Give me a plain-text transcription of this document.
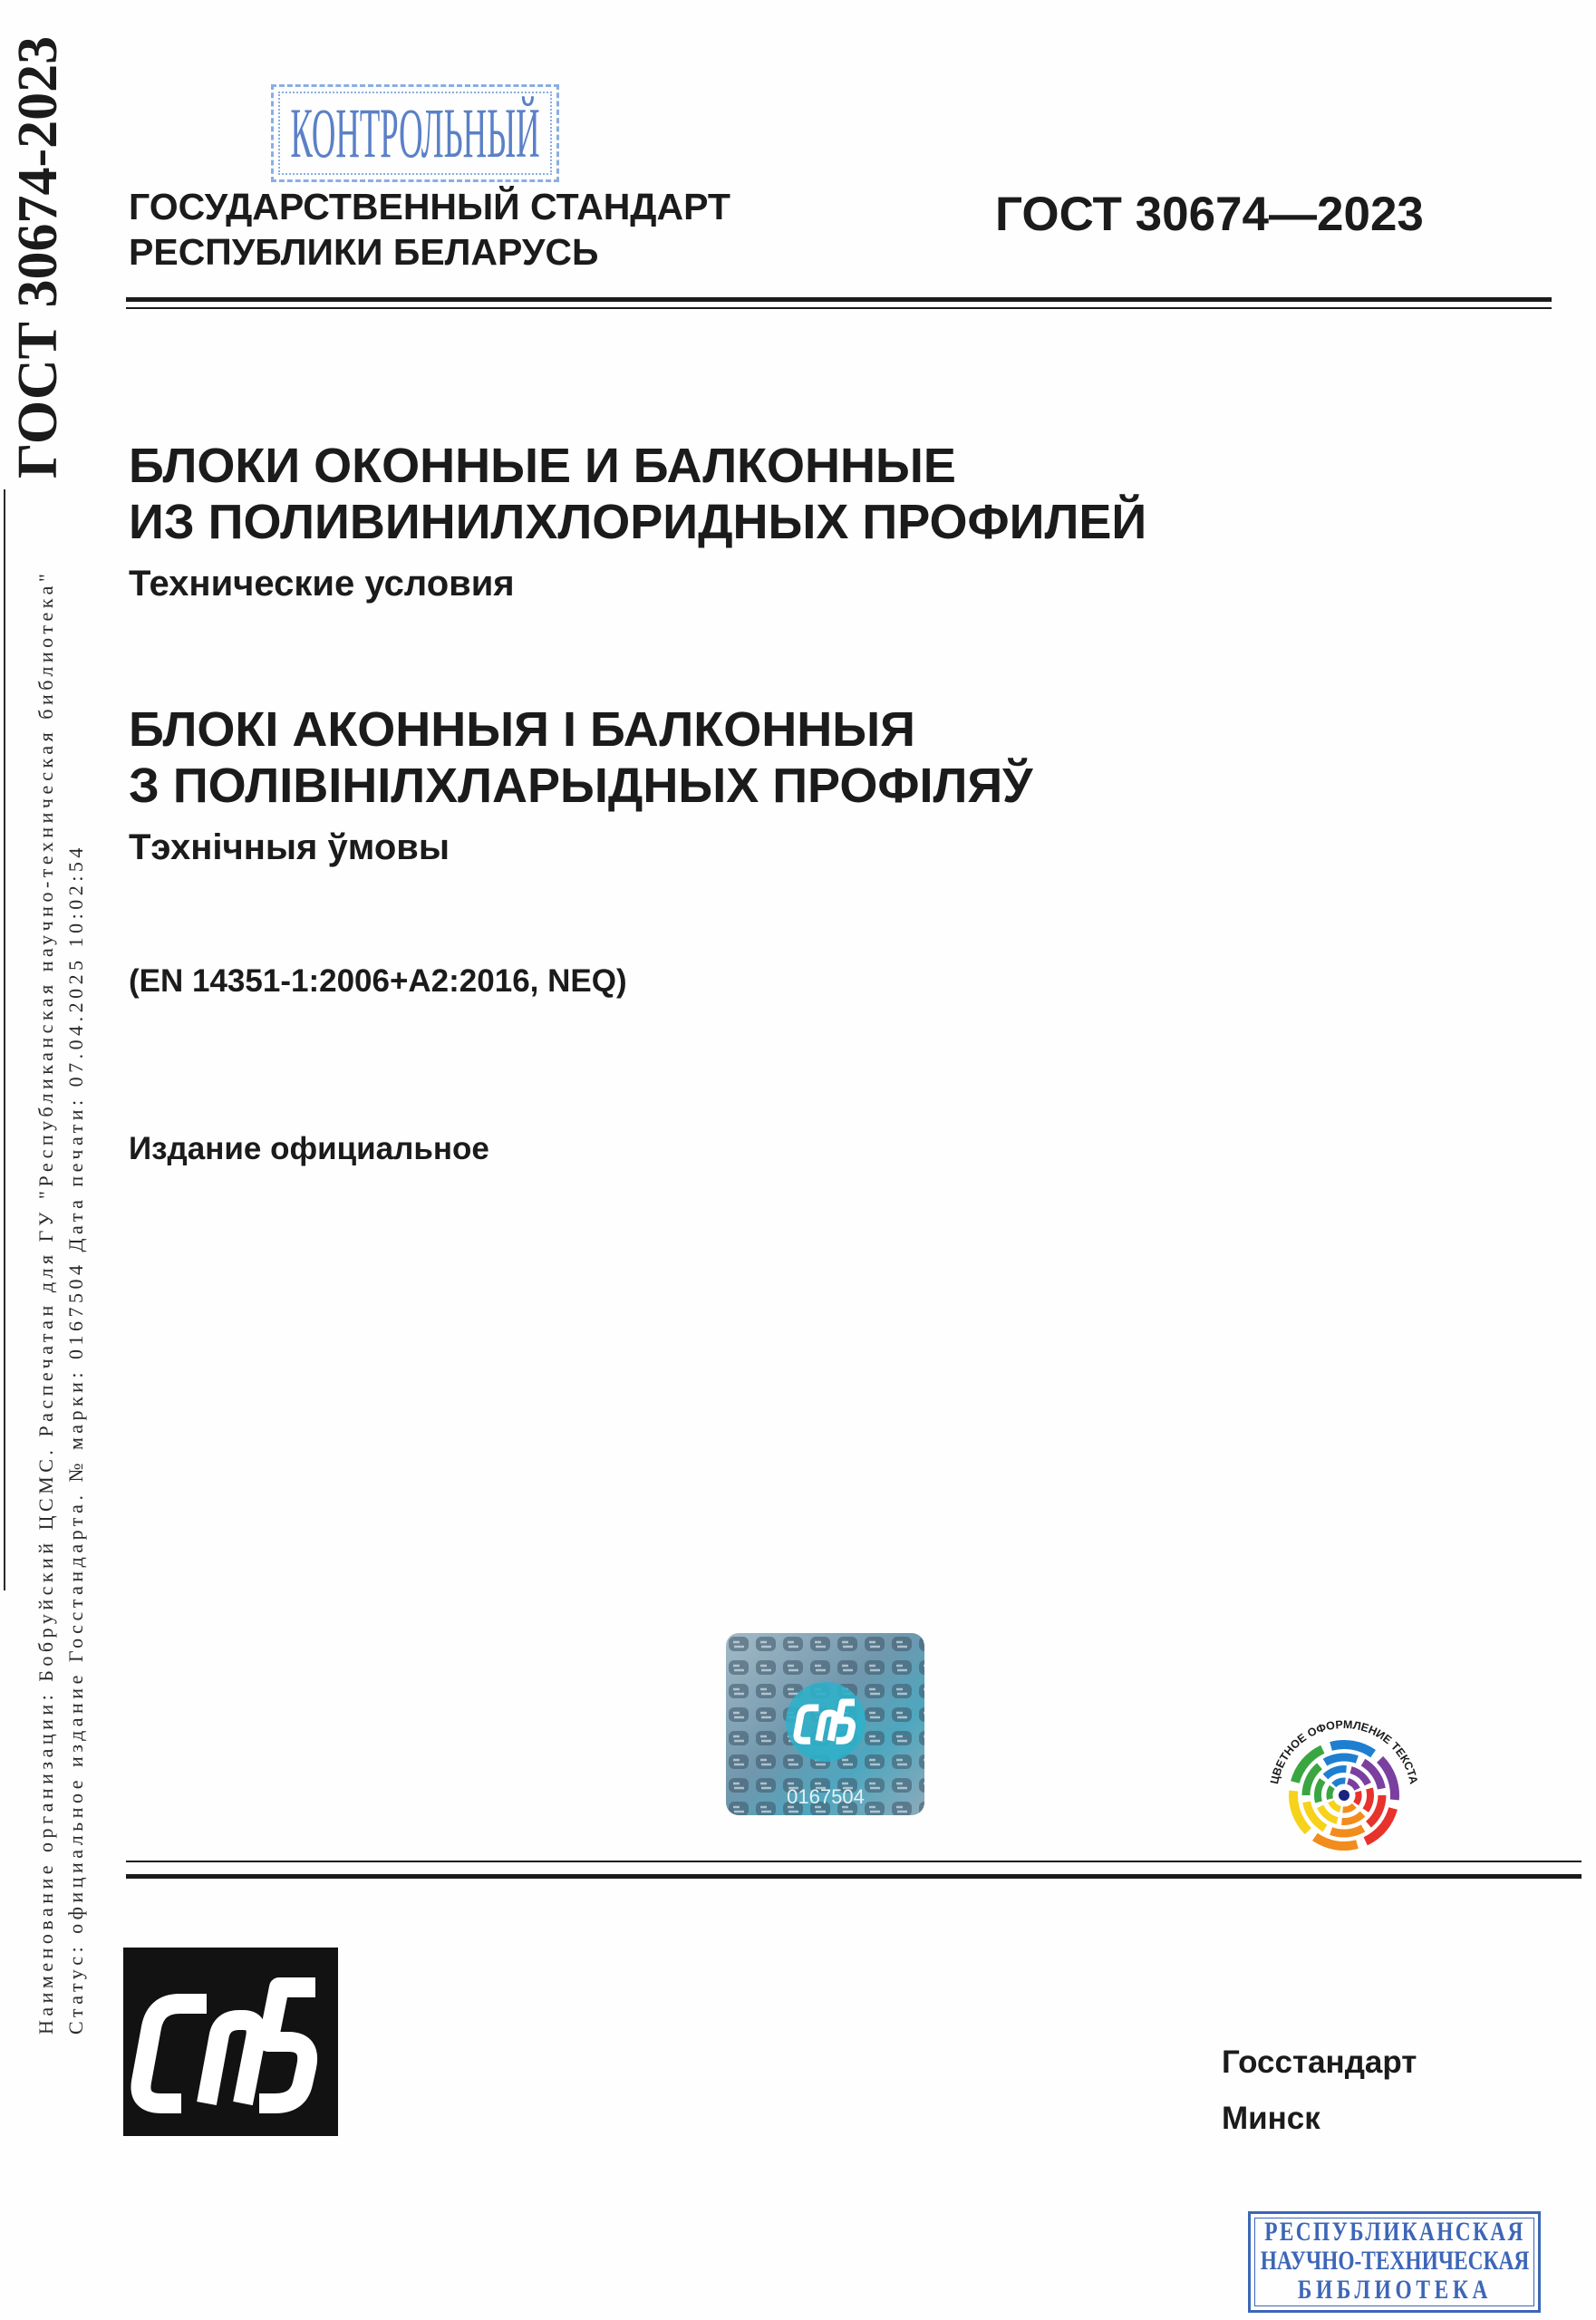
ГОСТ 30674-2023
Наименование организации: Бобруйский ЦСМС. Распечатан для ГУ "Республиканская научно-техническая библиотека" Статус: официальное издание Госстандарта. № марки: 0167504 Дата печати: 07.04.2025 10:02:54
КОНТРОЛЬНЫЙ
ГОСУДАРСТВЕННЫЙ СТАНДАРТ
РЕСПУБЛИКИ БЕЛАРУСЬ
ГОСТ 30674—2023
БЛОКИ ОКОННЫЕ И БАЛКОННЫЕ
ИЗ ПОЛИВИНИЛХЛОРИДНЫХ ПРОФИЛЕЙ
Технические условия
БЛОКІ АКОННЫЯ І БАЛКОННЫЯ
З ПОЛІВІНІЛХЛАРЫДНЫХ ПРОФІЛЯЎ
Тэхнічныя ўмовы
(EN 14351-1:2006+A2:2016, NEQ)
Издание официальное
0167504
ЦВЕТНОЕ ОФОРМЛЕНИЕ ТЕКСТА
Госстандарт
Минск
РЕСПУБЛИКАНСКАЯ
НАУЧНО-ТЕХНИЧЕСКАЯ
БИБЛИОТЕКА
